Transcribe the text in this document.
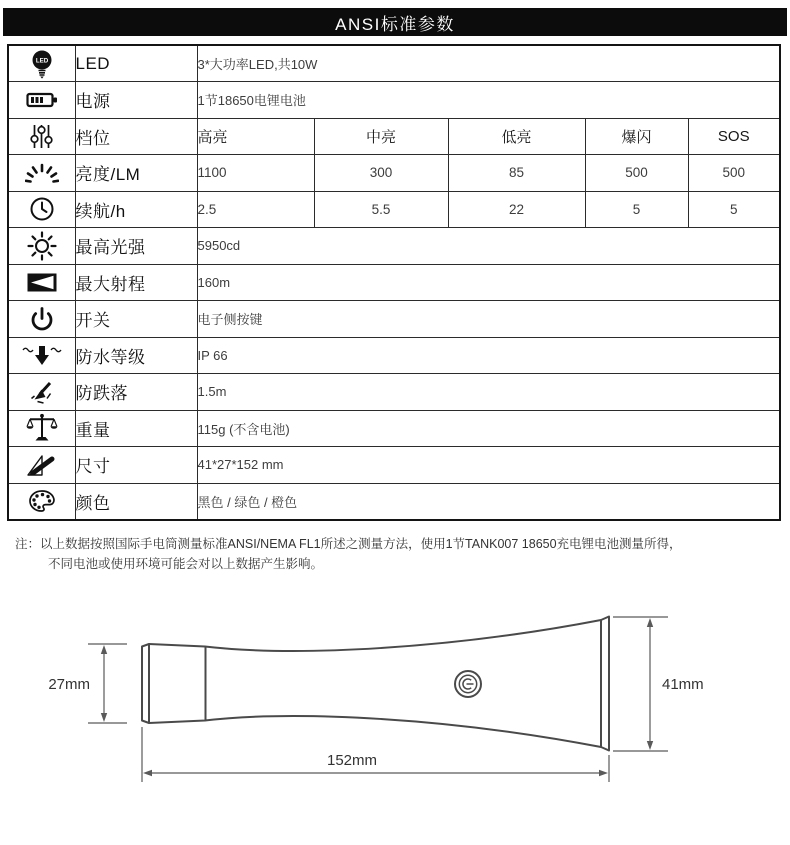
ANSI标准参数
LED	LED	3*大功率LED,共10W				
	电源	1节18650电锂电池				
	档位	高亮	中亮	低亮	爆闪	SOS
	亮度/LM	1100	300	85	500	500
	续航/h	2.5	5.5	22	5	5
	最高光强	5950cd				
	最大射程	160m				
	开关	电子侧按键				
	防水等级	IP 66				
	防跌落	1.5m				
	重量	115g (不含电池)				
	尺寸	41*27*152 mm				
	颜色	黑色 / 绿色 / 橙色				
注：以上数据按照国际手电筒测量标准ANSI/NEMA FL1所述之测量方法，使用1节TANK007 18650充电锂电池测量所得，
不同电池或使用环境可能会对以上数据产生影响。
27mm	41mm
152mm
